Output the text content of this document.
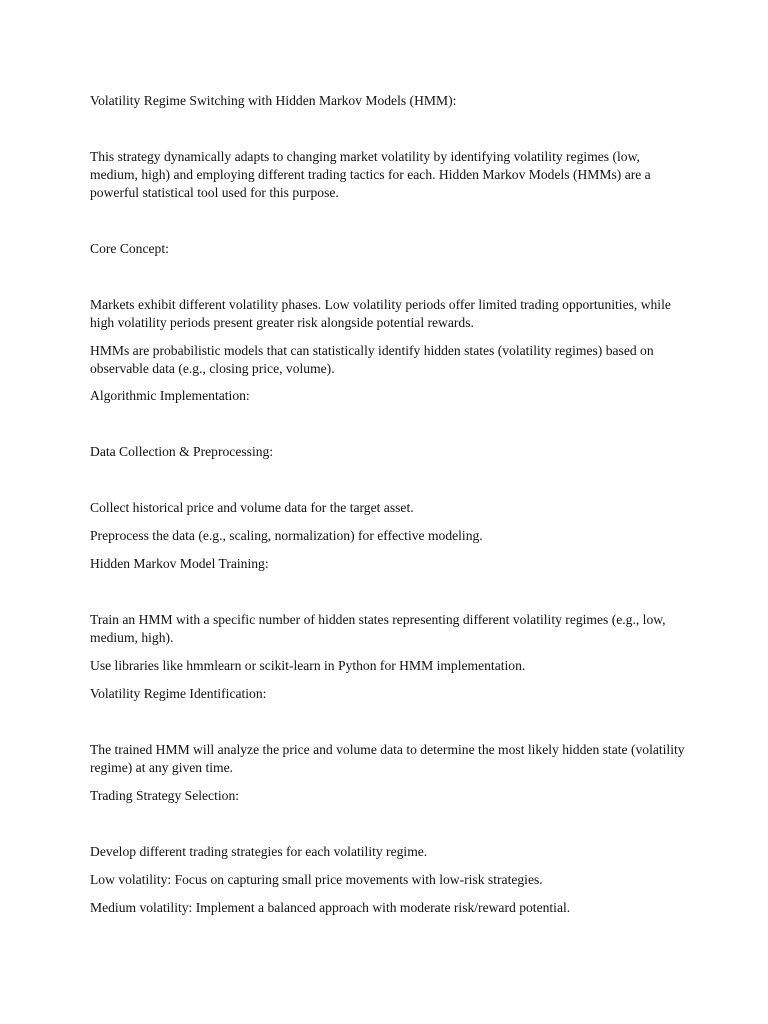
Volatility Regime Switching with Hidden Markov Models (HMM):

This strategy dynamically adapts to changing market volatility by identifying volatility regimes (low, medium, high) and employing different trading tactics for each. Hidden Markov Models (HMMs) are a powerful statistical tool used for this purpose.

Core Concept:

Markets exhibit different volatility phases. Low volatility periods offer limited trading opportunities, while high volatility periods present greater risk alongside potential rewards.

HMMs are probabilistic models that can statistically identify hidden states (volatility regimes) based on observable data (e.g., closing price, volume).

Algorithmic Implementation:

Data Collection & Preprocessing:

Collect historical price and volume data for the target asset.

Preprocess the data (e.g., scaling, normalization) for effective modeling.

Hidden Markov Model Training:

Train an HMM with a specific number of hidden states representing different volatility regimes (e.g., low, medium, high).

Use libraries like hmmlearn or scikit-learn in Python for HMM implementation.

Volatility Regime Identification:

The trained HMM will analyze the price and volume data to determine the most likely hidden state (volatility regime) at any given time.

Trading Strategy Selection:

Develop different trading strategies for each volatility regime.

Low volatility: Focus on capturing small price movements with low-risk strategies.

Medium volatility: Implement a balanced approach with moderate risk/reward potential.
